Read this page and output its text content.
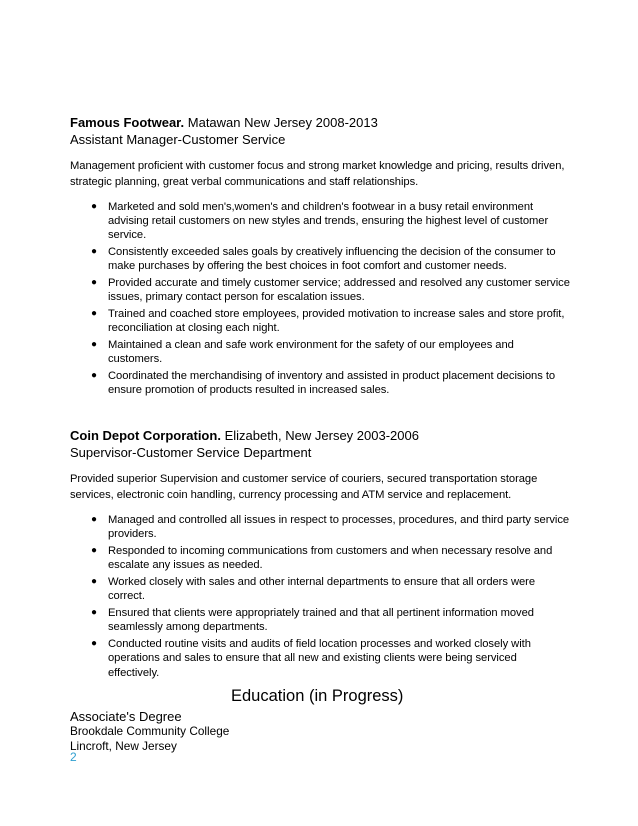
Famous Footwear. Matawan New Jersey 2008-2013

Assistant Manager-Customer Service

Management proficient with customer focus and strong market knowledge and pricing, results driven, strategic planning, great verbal communications and staff relationships.

● Marketed and sold men's,women's and children's footwear in a busy retail environment advising retail customers on new styles and trends, ensuring the highest level of customer service.
● Consistently exceeded sales goals by creatively influencing the decision of the consumer to make purchases by offering the best choices in foot comfort and customer needs.
● Provided accurate and timely customer service; addressed and resolved any customer service issues, primary contact person for escalation issues.
● Trained and coached store employees, provided motivation to increase sales and store profit, reconciliation at closing each night.
● Maintained a clean and safe work environment for the safety of our employees and customers.
● Coordinated the merchandising of inventory and assisted in product placement decisions to ensure promotion of products resulted in increased sales.

Coin Depot Corporation. Elizabeth, New Jersey 2003-2006

Supervisor-Customer Service Department

Provided superior Supervision and customer service of couriers, secured transportation storage services, electronic coin handling, currency processing and ATM service and replacement.

● Managed and controlled all issues in respect to processes, procedures, and third party service providers.
● Responded to incoming communications from customers and when necessary resolve and escalate any issues as needed.
● Worked closely with sales and other internal departments to ensure that all orders were correct.
● Ensured that clients were appropriately trained and that all pertinent information moved seamlessly among departments.
● Conducted routine visits and audits of field location processes and worked closely with operations and sales to ensure that all new and existing clients were being serviced effectively.

Education (in Progress)

Associate's Degree

Brookdale Community College

Lincroft, New Jersey

2
